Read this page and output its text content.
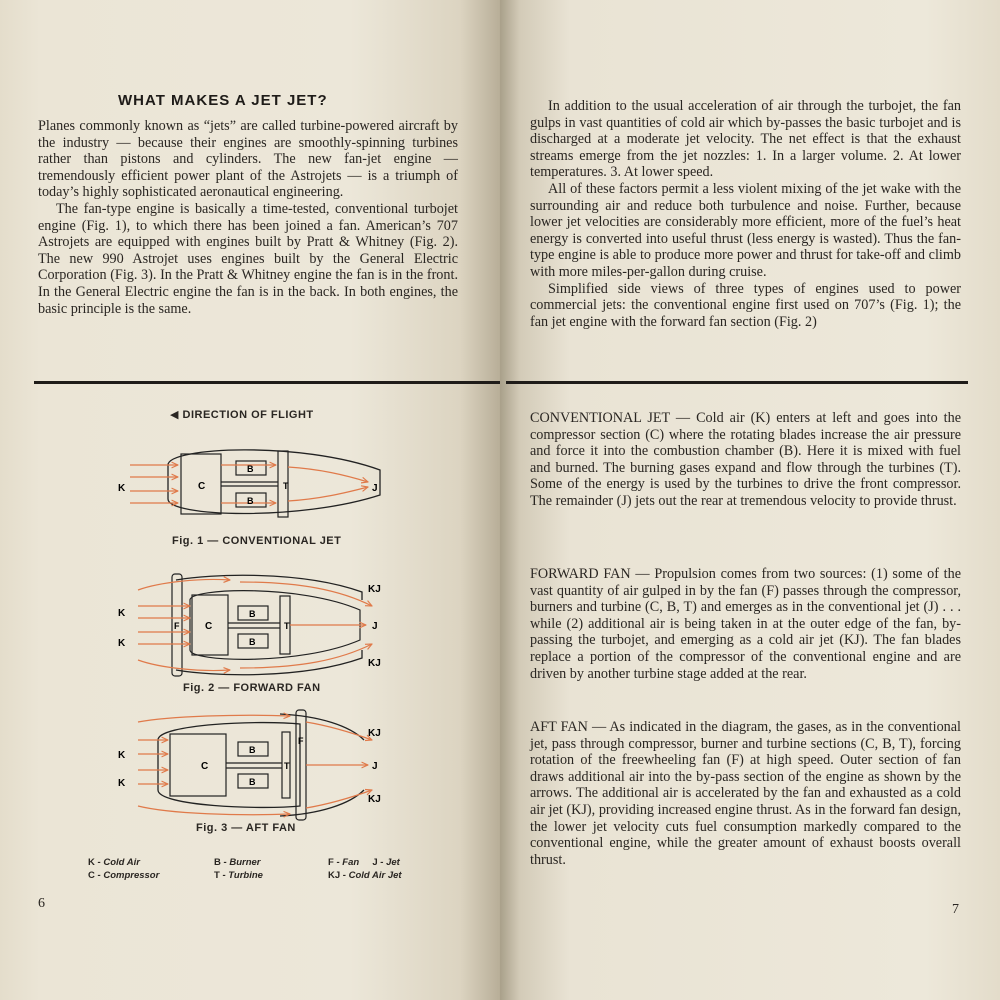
WHAT MAKES A JET JET?

Planes commonly known as “jets” are called turbine-powered aircraft by the industry — because their engines are smoothly-spinning turbines rather than pistons and cylinders. The new fan-jet engine — tremendously efficient power plant of the Astrojets — is a triumph of today’s highly sophisticated aeronautical engineering.

The fan-type engine is basically a time-tested, conventional turbojet engine (Fig. 1), to which there has been joined a fan. American’s 707 Astrojets are equipped with engines built by Pratt & Whitney (Fig. 2). The new 990 Astrojet uses engines built by the General Electric Corporation (Fig. 3). In the Pratt & Whitney engine the fan is in the front. In the General Electric engine the fan is in the back. In both engines, the basic principle is the same.

◀ DIRECTION OF FLIGHT
K	C
B
B
T	J
K
K
F	C
B
B
T
KJ
J
KJ
K
K
C
B
B
T
F
KJ
J
KJ
Fig. 1 — CONVENTIONAL JET
Fig. 2 — FORWARD FAN
Fig. 3 — AFT FAN
K - Cold Air
C - Compressor
B - Burner
T - Turbine
F - Fan J - Jet
KJ - Cold Air Jet
6

In addition to the usual acceleration of air through the turbojet, the fan gulps in vast quantities of cold air which by-passes the basic turbojet and is discharged at a moderate jet velocity. The net effect is that the exhaust streams emerge from the jet nozzles: 1. In a larger volume. 2. At lower temperatures. 3. At lower speed.

All of these factors permit a less violent mixing of the jet wake with the surrounding air and reduce both turbulence and noise. Further, because lower jet velocities are considerably more efficient, more of the fuel’s heat energy is converted into useful thrust (less energy is wasted). Thus the fan-type engine is able to produce more power and thrust for take-off and climb with more miles-per-gallon during cruise.

Simplified side views of three types of engines used to power commercial jets: the conventional engine first used on 707’s (Fig. 1); the fan jet engine with the forward fan section (Fig. 2)

CONVENTIONAL JET — Cold air (K) enters at left and goes into the compressor section (C) where the rotating blades increase the air pressure and force it into the combustion chamber (B). Here it is mixed with fuel and burned. The burning gases expand and flow through the turbines (T). Some of the energy is used by the turbines to drive the front compressor. The remainder (J) jets out the rear at tremendous velocity to provide thrust.

FORWARD FAN — Propulsion comes from two sources: (1) some of the vast quantity of air gulped in by the fan (F) passes through the compressor, burners and turbine (C, B, T) and emerges as in the conventional jet (J) . . . while (2) additional air is being taken in at the outer edge of the fan, by-passing the turbojet, and emerging as a cold air jet (KJ). The fan blades replace a portion of the compressor of the conventional engine and are driven by another turbine stage added at the rear.

AFT FAN — As indicated in the diagram, the gases, as in the conventional jet, pass through compressor, burner and turbine sections (C, B, T), forcing rotation of the freewheeling fan (F) at high speed. Outer section of fan draws additional air into the by-pass section of the engine as shown by the arrows. The additional air is accelerated by the fan and exhausted as a cold air jet (KJ), providing increased engine thrust. As in the forward fan design, the lower jet velocity cuts fuel consumption markedly compared to the conventional engine, while the greater amount of exhaust boosts overall thrust.

7
